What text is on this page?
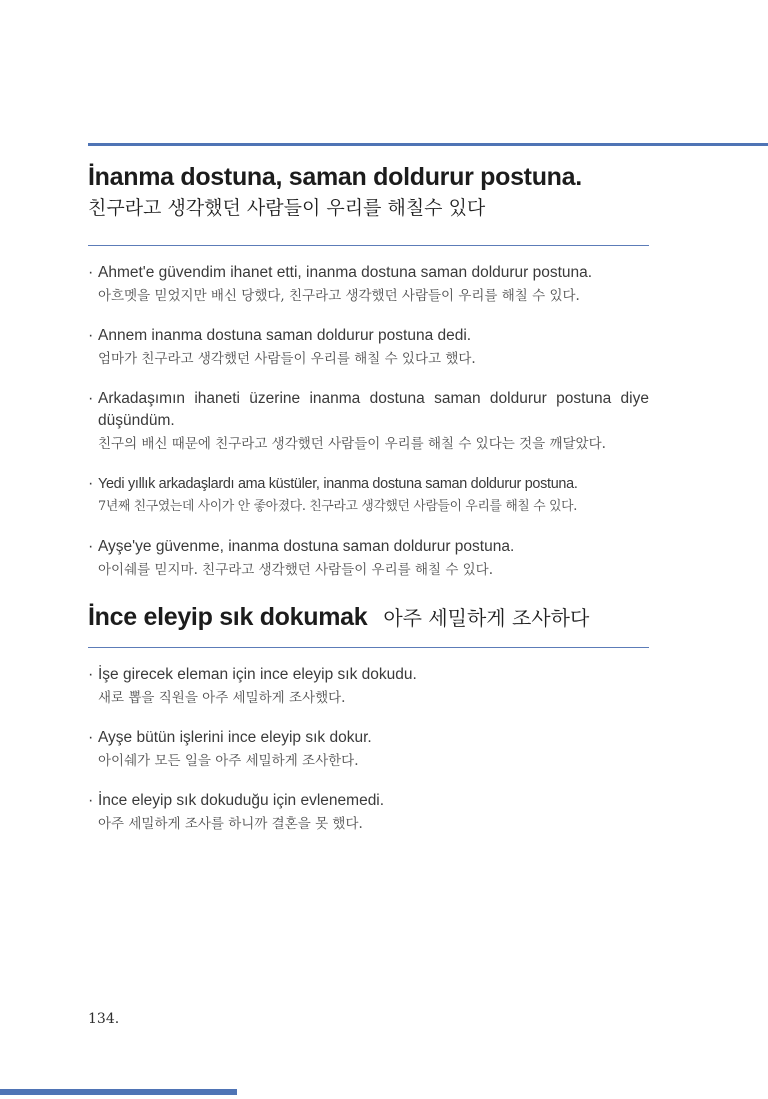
İnanma dostuna, saman doldurur postuna.
친구라고 생각했던 사람들이 우리를 해칠수 있다
· Ahmet'e güvendim ihanet etti, inanma dostuna saman doldurur postuna.
아흐멧을 믿었지만 배신 당했다, 친구라고 생각했던 사람들이 우리를 해칠 수 있다.
· Annem inanma dostuna saman doldurur postuna dedi.
엄마가 친구라고 생각했던 사람들이 우리를 해칠 수 있다고 했다.
· Arkadaşımın ihaneti üzerine inanma dostuna saman doldurur postuna diye düşündüm.
친구의 배신 때문에 친구라고 생각했던 사람들이 우리를 해칠 수 있다는 것을 깨달았다.
· Yedi yıllık arkadaşlardı ama küstüler, inanma dostuna saman doldurur postuna.
7년째 친구였는데 사이가 안 좋아졌다. 친구라고 생각했던 사람들이 우리를 해칠 수 있다.
· Ayşe'ye güvenme, inanma dostuna saman doldurur postuna.
아이쉐를 믿지마. 친구라고 생각했던 사람들이 우리를 해칠 수 있다.
İnce eleyip sık dokumak 아주 세밀하게 조사하다
· İşe girecek eleman için ince eleyip sık dokudu.
새로 뽑을 직원을 아주 세밀하게 조사했다.
· Ayşe bütün işlerini ince eleyip sık dokur.
아이쉐가 모든 일을 아주 세밀하게 조사한다.
· İnce eleyip sık dokuduğu için evlenemedi.
아주 세밀하게 조사를 하니까 결혼을 못 했다.
134.
